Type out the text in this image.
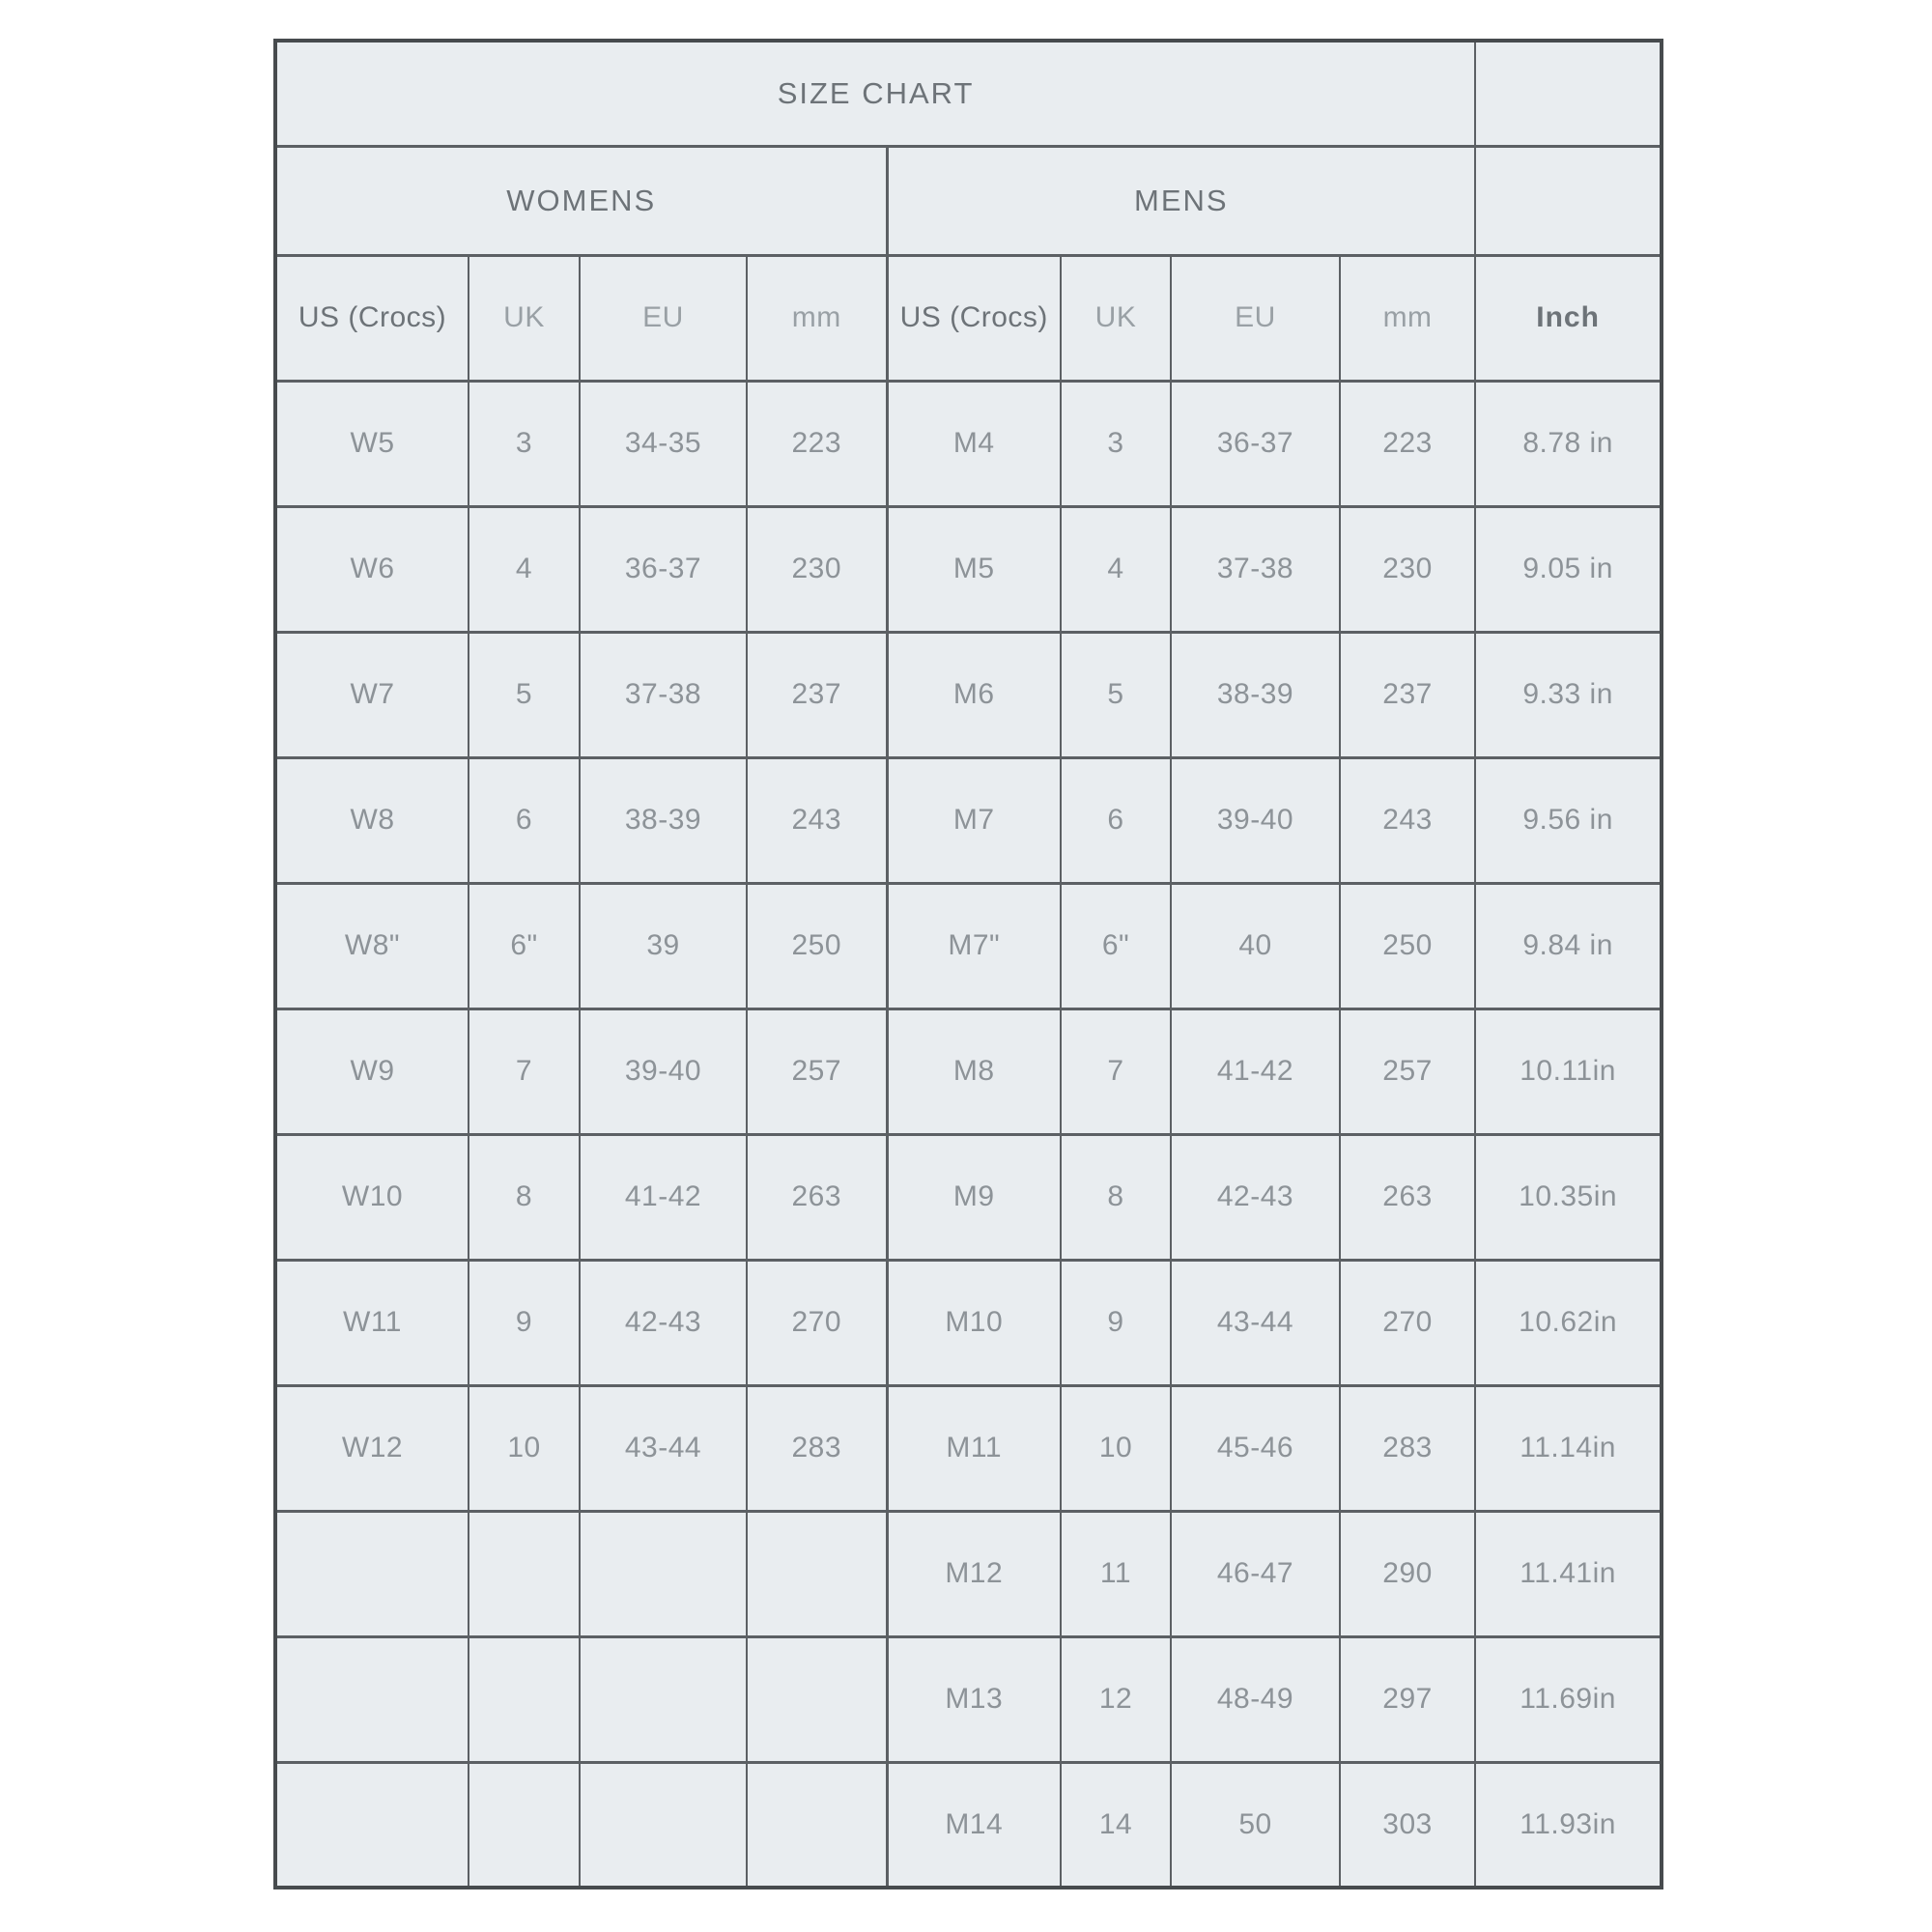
SIZE CHART								
WOMENS				MENS				
US (Crocs)	UK	EU	mm	US (Crocs)	UK	EU	mm	Inch
W5	3	34-35	223	M4	3	36-37	223	8.78 in
W6	4	36-37	230	M5	4	37-38	230	9.05 in
W7	5	37-38	237	M6	5	38-39	237	9.33 in
W8	6	38-39	243	M7	6	39-40	243	9.56 in
W8"	6"	39	250	M7"	6"	40	250	9.84 in
W9	7	39-40	257	M8	7	41-42	257	10.11in
W10	8	41-42	263	M9	8	42-43	263	10.35in
W11	9	42-43	270	M10	9	43-44	270	10.62in
W12	10	43-44	283	M11	10	45-46	283	11.14in
				M12	11	46-47	290	11.41in
				M13	12	48-49	297	11.69in
				M14	14	50	303	11.93in
